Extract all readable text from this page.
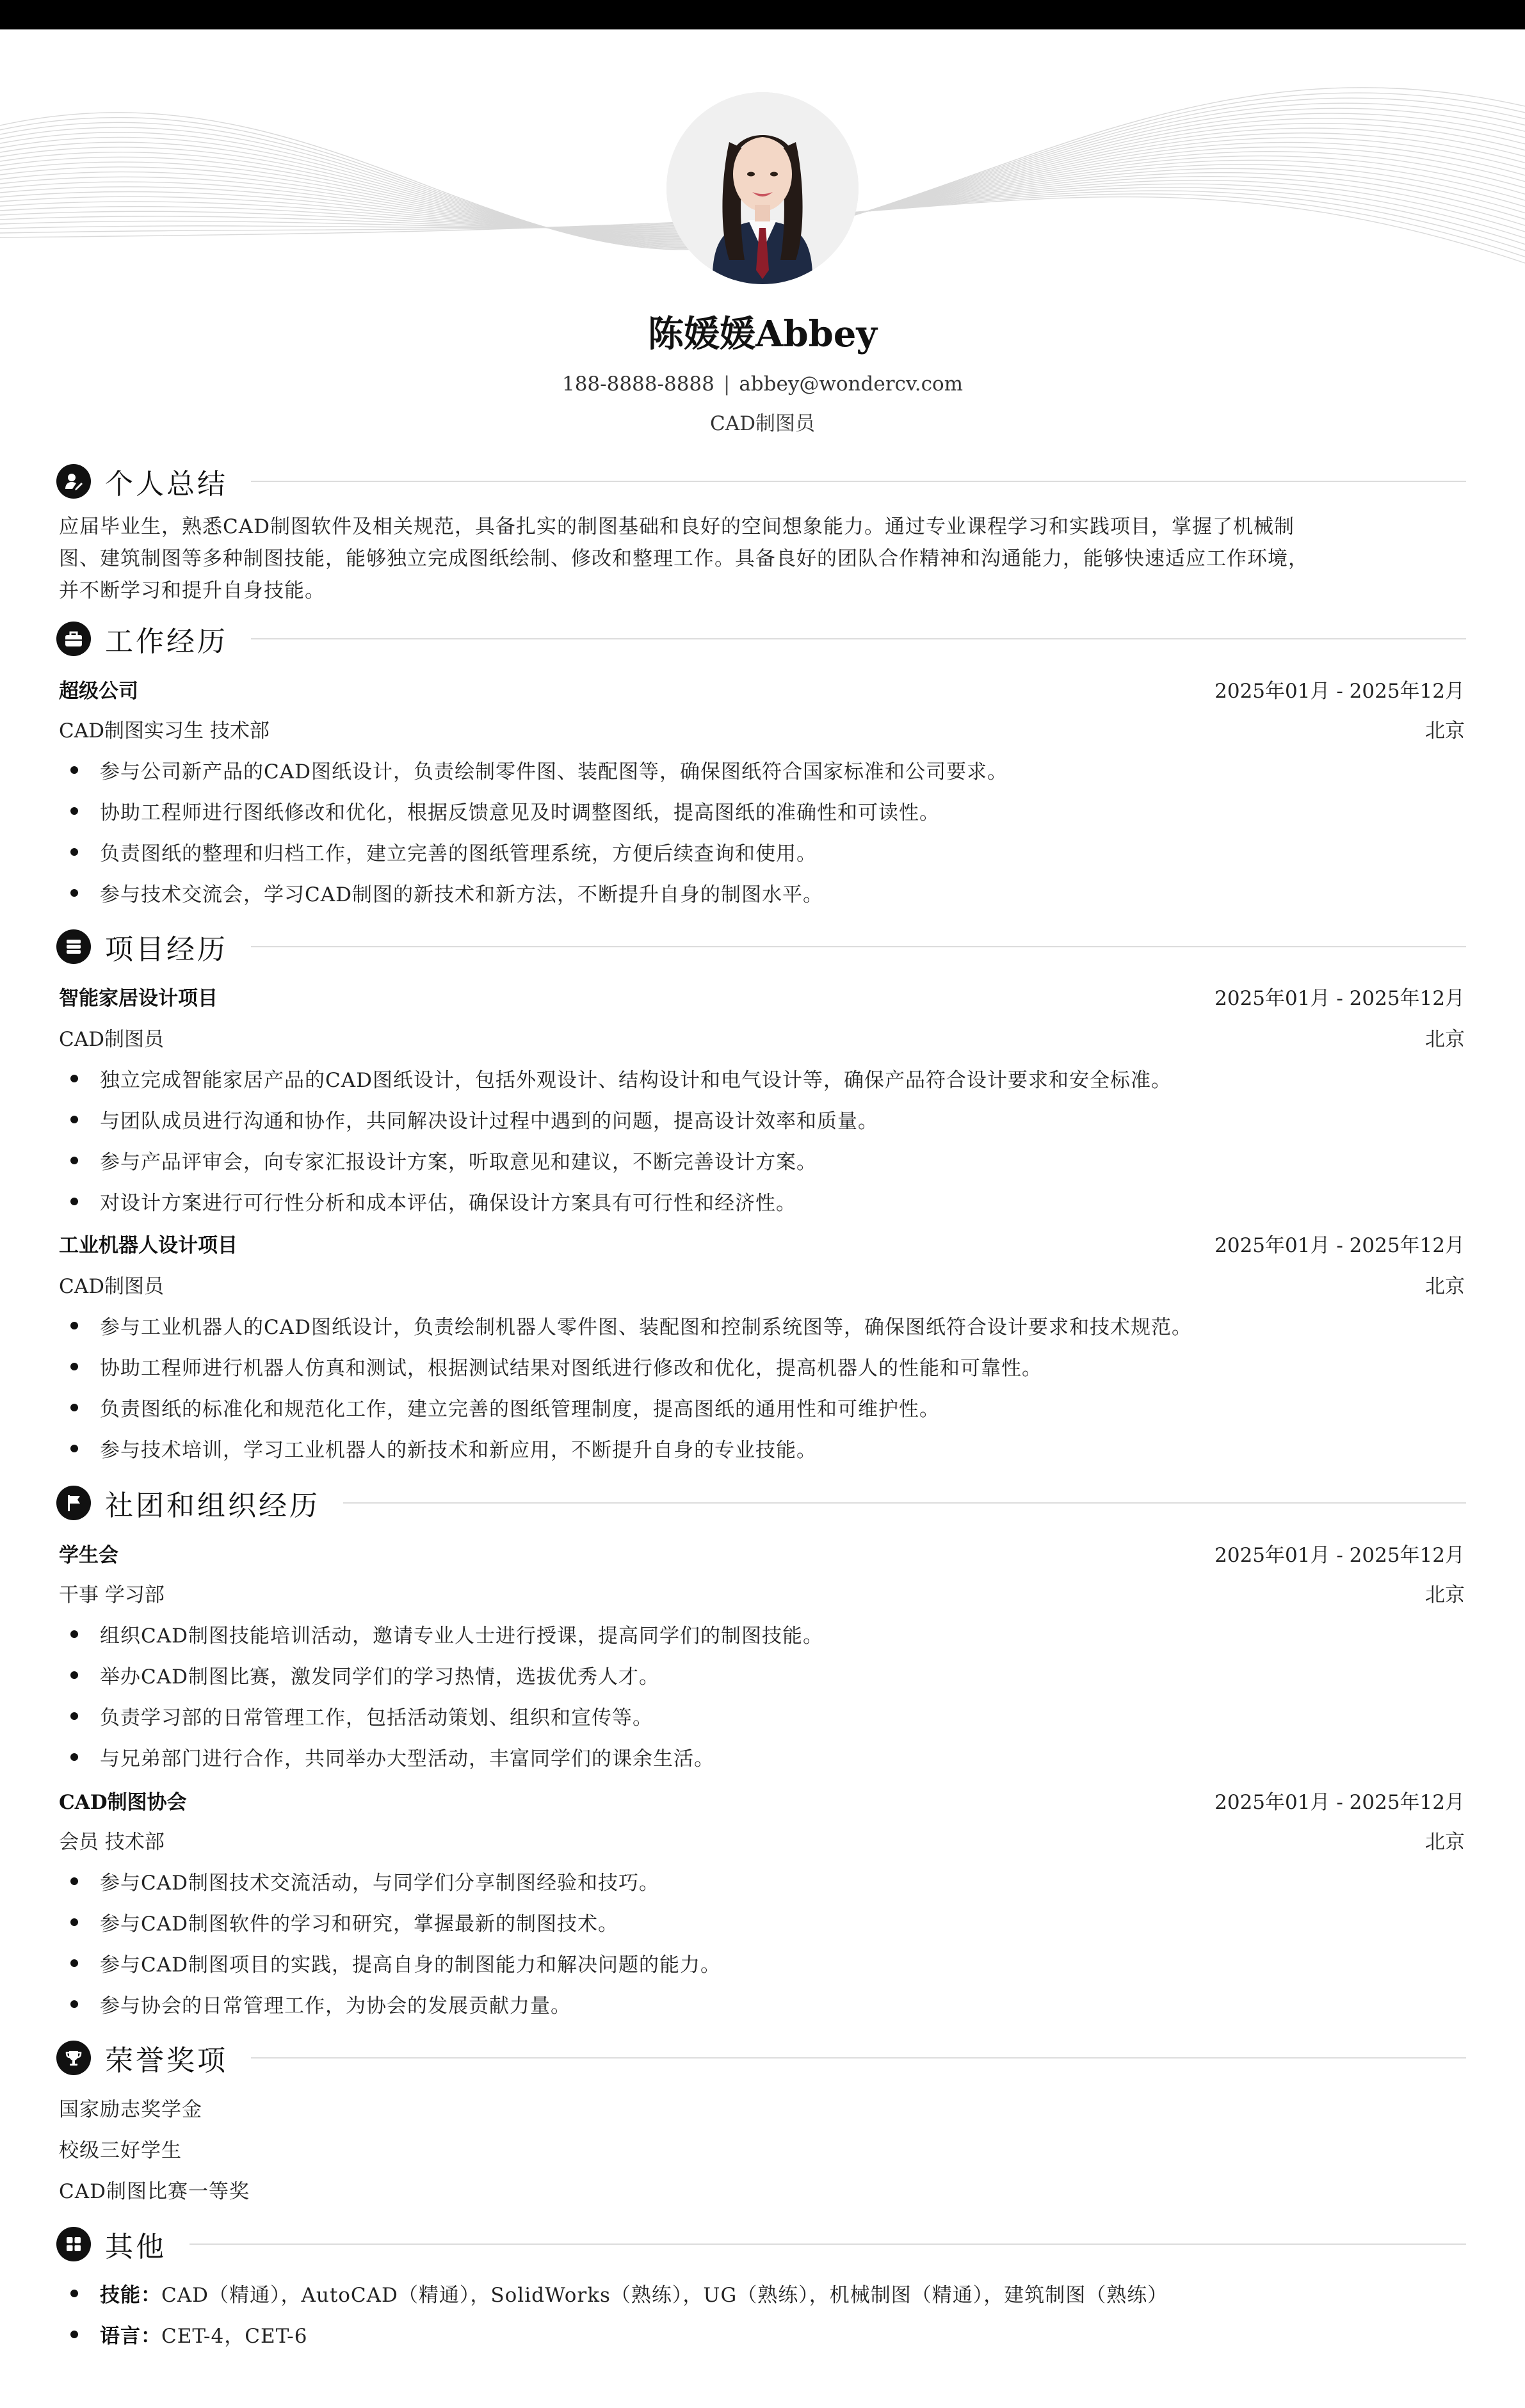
陈媛媛Abbey
188-8888-8888 | abbey@wondercv.com
CAD制图员
个人总结
应届毕业生，熟悉CAD制图软件及相关规范，具备扎实的制图基础和良好的空间想象能力。通过专业课程学习和实践项目，掌握了机械制
图、建筑制图等多种制图技能，能够独立完成图纸绘制、修改和整理工作。具备良好的团队合作精神和沟通能力，能够快速适应工作环境，
并不断学习和提升自身技能。
工作经历
超级公司	2025年01月 - 2025年12月
CAD制图实习生 技术部	北京
参与公司新产品的CAD图纸设计，负责绘制零件图、装配图等，确保图纸符合国家标准和公司要求。
协助工程师进行图纸修改和优化，根据反馈意见及时调整图纸，提高图纸的准确性和可读性。
负责图纸的整理和归档工作，建立完善的图纸管理系统，方便后续查询和使用。
参与技术交流会，学习CAD制图的新技术和新方法，不断提升自身的制图水平。
项目经历
智能家居设计项目	2025年01月 - 2025年12月
CAD制图员	北京
独立完成智能家居产品的CAD图纸设计，包括外观设计、结构设计和电气设计等，确保产品符合设计要求和安全标准。
与团队成员进行沟通和协作，共同解决设计过程中遇到的问题，提高设计效率和质量。
参与产品评审会，向专家汇报设计方案，听取意见和建议，不断完善设计方案。
对设计方案进行可行性分析和成本评估，确保设计方案具有可行性和经济性。
工业机器人设计项目	2025年01月 - 2025年12月
CAD制图员	北京
参与工业机器人的CAD图纸设计，负责绘制机器人零件图、装配图和控制系统图等，确保图纸符合设计要求和技术规范。
协助工程师进行机器人仿真和测试，根据测试结果对图纸进行修改和优化，提高机器人的性能和可靠性。
负责图纸的标准化和规范化工作，建立完善的图纸管理制度，提高图纸的通用性和可维护性。
参与技术培训，学习工业机器人的新技术和新应用，不断提升自身的专业技能。
社团和组织经历
学生会	2025年01月 - 2025年12月
干事 学习部	北京
组织CAD制图技能培训活动，邀请专业人士进行授课，提高同学们的制图技能。
举办CAD制图比赛，激发同学们的学习热情，选拔优秀人才。
负责学习部的日常管理工作，包括活动策划、组织和宣传等。
与兄弟部门进行合作，共同举办大型活动，丰富同学们的课余生活。
CAD制图协会	2025年01月 - 2025年12月
会员 技术部	北京
参与CAD制图技术交流活动，与同学们分享制图经验和技巧。
参与CAD制图软件的学习和研究，掌握最新的制图技术。
参与CAD制图项目的实践，提高自身的制图能力和解决问题的能力。
参与协会的日常管理工作，为协会的发展贡献力量。
荣誉奖项
国家励志奖学金
校级三好学生
CAD制图比赛一等奖
其他
技能：CAD（精通），AutoCAD（精通），SolidWorks（熟练），UG（熟练），机械制图（精通），建筑制图（熟练）
语言：CET-4，CET-6
